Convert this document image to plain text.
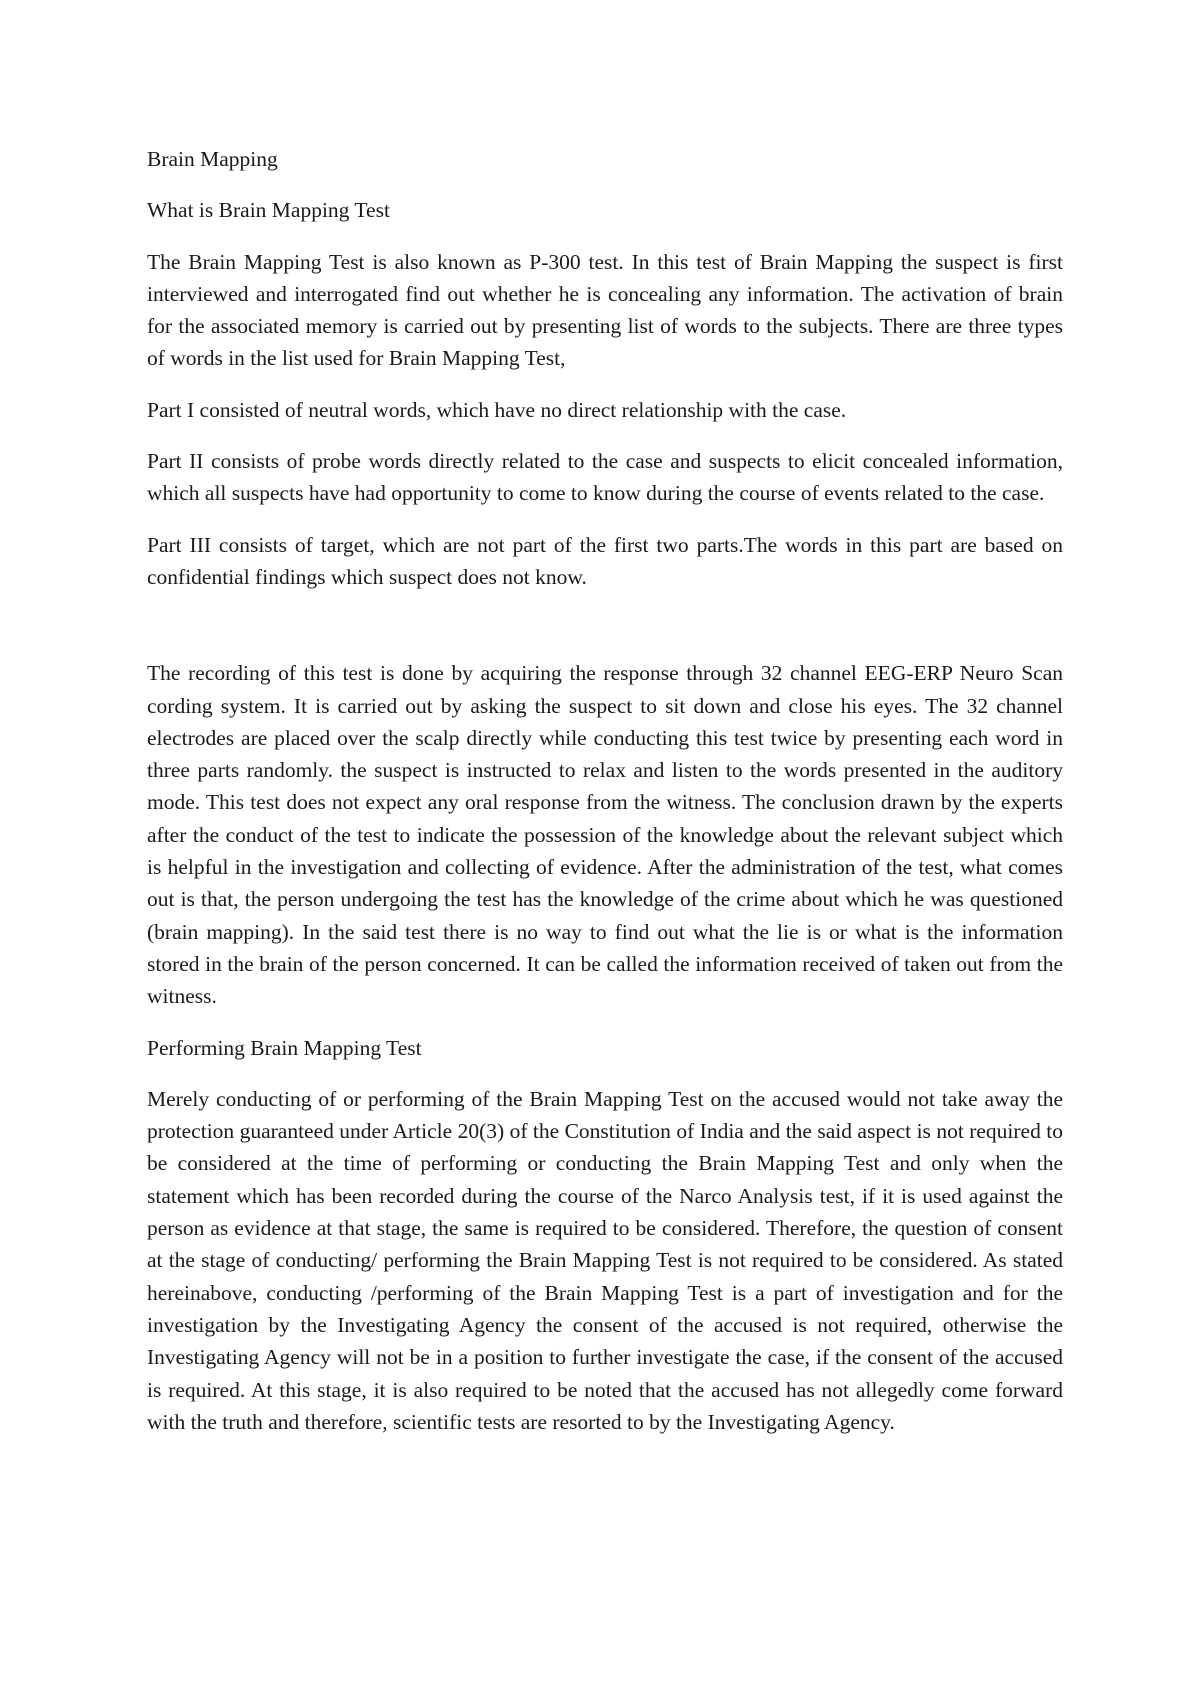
Brain Mapping

What is Brain Mapping Test

The Brain Mapping Test is also known as P-300 test. In this test of Brain Mapping the suspect is first interviewed and interrogated find out whether he is concealing any information. The activation of brain for the associated memory is carried out by presenting list of words to the subjects. There are three types of words in the list used for Brain Mapping Test,

Part I consisted of neutral words, which have no direct relationship with the case.

Part II consists of probe words directly related to the case and suspects to elicit concealed information, which all suspects have had opportunity to come to know during the course of events related to the case.

Part III consists of target, which are not part of the first two parts.The words in this part are based on confidential findings which suspect does not know.

The recording of this test is done by acquiring the response through 32 channel EEG-ERP Neuro Scan cording system. It is carried out by asking the suspect to sit down and close his eyes. The 32 channel electrodes are placed over the scalp directly while conducting this test twice by presenting each word in three parts randomly. the suspect is instructed to relax and listen to the words presented in the auditory mode. This test does not expect any oral response from the witness. The conclusion drawn by the experts after the conduct of the test to indicate the possession of the knowledge about the relevant subject which is helpful in the investigation and collecting of evidence. After the administration of the test, what comes out is that, the person undergoing the test has the knowledge of the crime about which he was questioned (brain mapping). In the said test there is no way to find out what the lie is or what is the information stored in the brain of the person concerned. It can be called the information received of taken out from the witness.

Performing Brain Mapping Test

Merely conducting of or performing of the Brain Mapping Test on the accused would not take away the protection guaranteed under Article 20(3) of the Constitution of India and the said aspect is not required to be considered at the time of performing or conducting the Brain Mapping Test and only when the statement which has been recorded during the course of the Narco Analysis test, if it is used against the person as evidence at that stage, the same is required to be considered. Therefore, the question of consent at the stage of conducting/ performing the Brain Mapping Test is not required to be considered. As stated hereinabove, conducting /performing of the Brain Mapping Test is a part of investigation and for the investigation by the Investigating Agency the consent of the accused is not required, otherwise the Investigating Agency will not be in a position to further investigate the case, if the consent of the accused is required. At this stage, it is also required to be noted that the accused has not allegedly come forward with the truth and therefore, scientific tests are resorted to by the Investigating Agency.
